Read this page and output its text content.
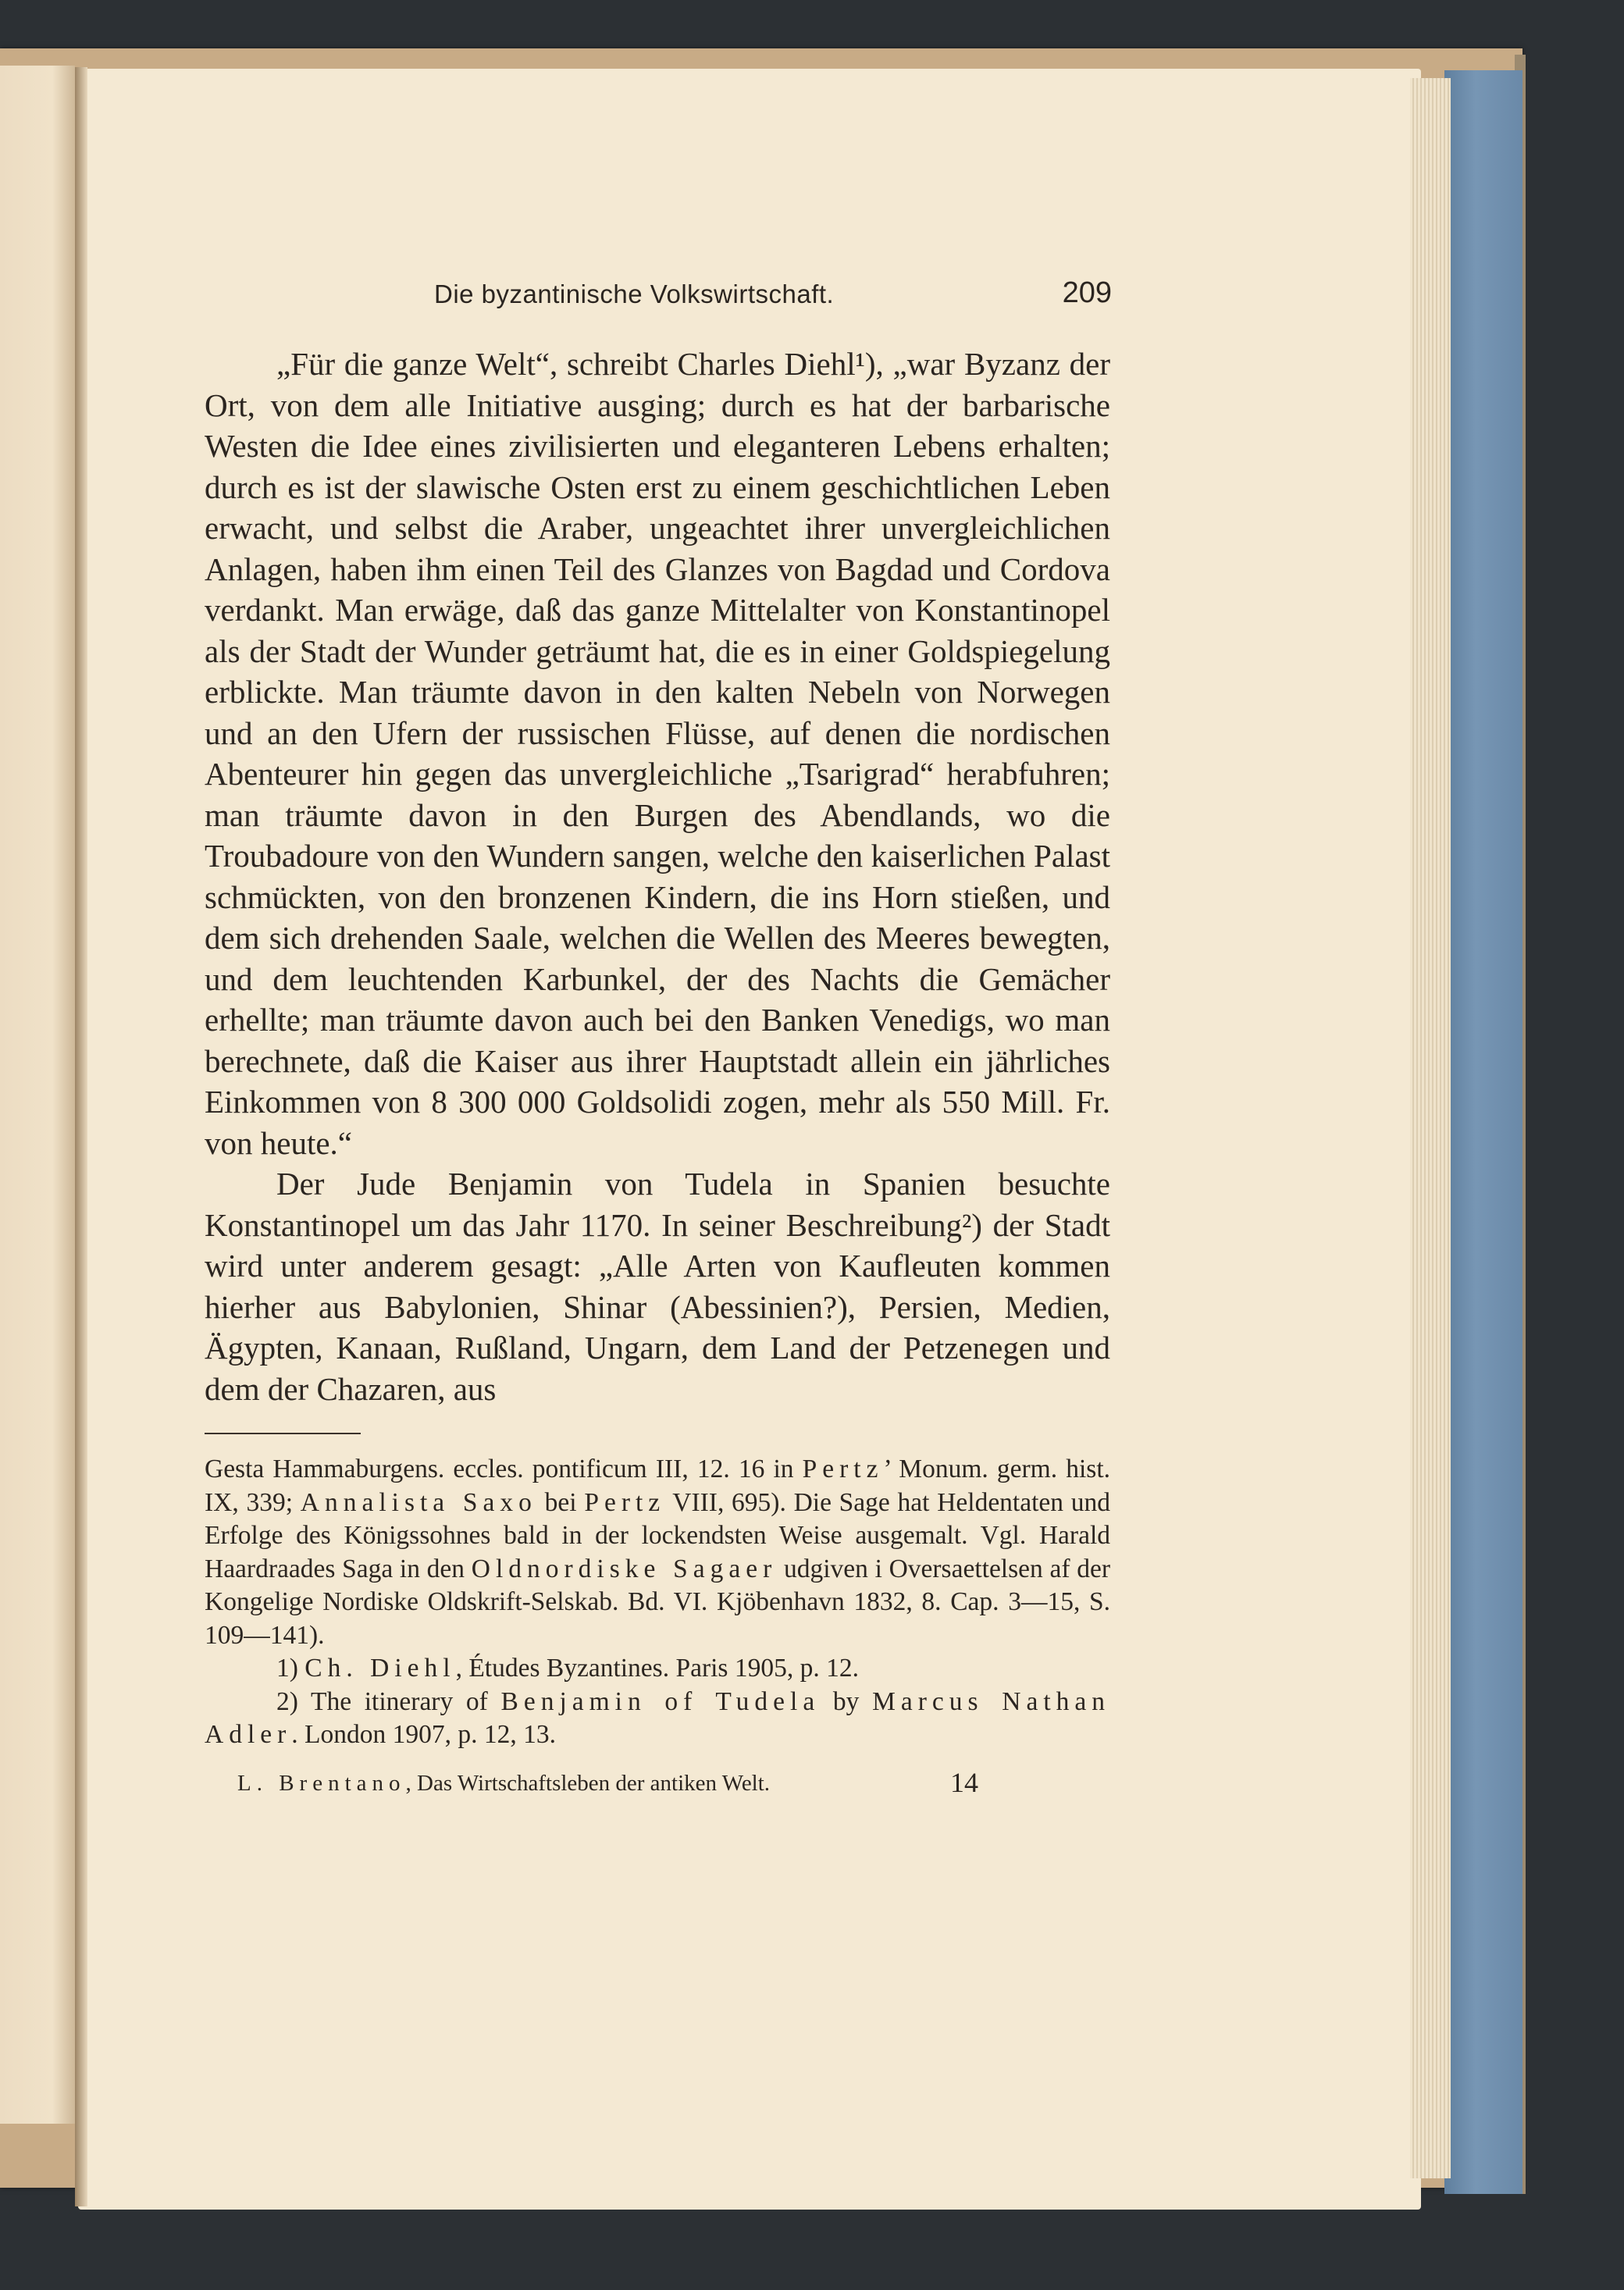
Die byzantinische Volkswirtschaft.	209

„Für die ganze Welt“, schreibt Charles Diehl¹), „war Byzanz der Ort, von dem alle Initiative ausging; durch es hat der barbarische Westen die Idee eines zivilisierten und eleganteren Lebens erhalten; durch es ist der slawische Osten erst zu einem geschichtlichen Leben erwacht, und selbst die Araber, ungeachtet ihrer unvergleichlichen Anlagen, haben ihm einen Teil des Glanzes von Bagdad und Cordova verdankt. Man erwäge, daß das ganze Mittelalter von Konstantinopel als der Stadt der Wunder geträumt hat, die es in einer Goldspiegelung erblickte. Man träumte davon in den kalten Nebeln von Norwegen und an den Ufern der russischen Flüsse, auf denen die nordischen Abenteurer hin gegen das unvergleichliche „Tsarigrad“ herabfuhren; man träumte davon in den Burgen des Abendlands, wo die Troubadoure von den Wundern sangen, welche den kaiserlichen Palast schmückten, von den bronzenen Kindern, die ins Horn stießen, und dem sich drehenden Saale, welchen die Wellen des Meeres bewegten, und dem leuchtenden Karbunkel, der des Nachts die Gemächer erhellte; man träumte davon auch bei den Banken Venedigs, wo man berechnete, daß die Kaiser aus ihrer Hauptstadt allein ein jährliches Einkommen von 8 300 000 Goldsolidi zogen, mehr als 550 Mill. Fr. von heute.“

Der Jude Benjamin von Tudela in Spanien besuchte Konstantinopel um das Jahr 1170. In seiner Beschreibung²) der Stadt wird unter anderem gesagt: „Alle Arten von Kaufleuten kommen hierher aus Babylonien, Shinar (Abessinien?), Persien, Medien, Ägypten, Kanaan, Rußland, Ungarn, dem Land der Petzenegen und dem der Chazaren, aus

Gesta Hammaburgens. eccles. pontificum III, 12. 16 in Pertz’ Monum. germ. hist. IX, 339; Annalista Saxo bei Pertz VIII, 695). Die Sage hat Heldentaten und Erfolge des Königssohnes bald in der lockendsten Weise ausgemalt. Vgl. Harald Haardraades Saga in den Oldnordiske Sagaer udgiven i Oversaettelsen af der Kongelige Nordiske Oldskrift-Selskab. Bd. VI. Kjöbenhavn 1832, 8. Cap. 3—15, S. 109—141).

1) Ch. Diehl, Études Byzantines. Paris 1905, p. 12.

2) The itinerary of Benjamin of Tudela by Marcus Nathan Adler. London 1907, p. 12, 13.

L. Brentano, Das Wirtschaftsleben der antiken Welt.	14
